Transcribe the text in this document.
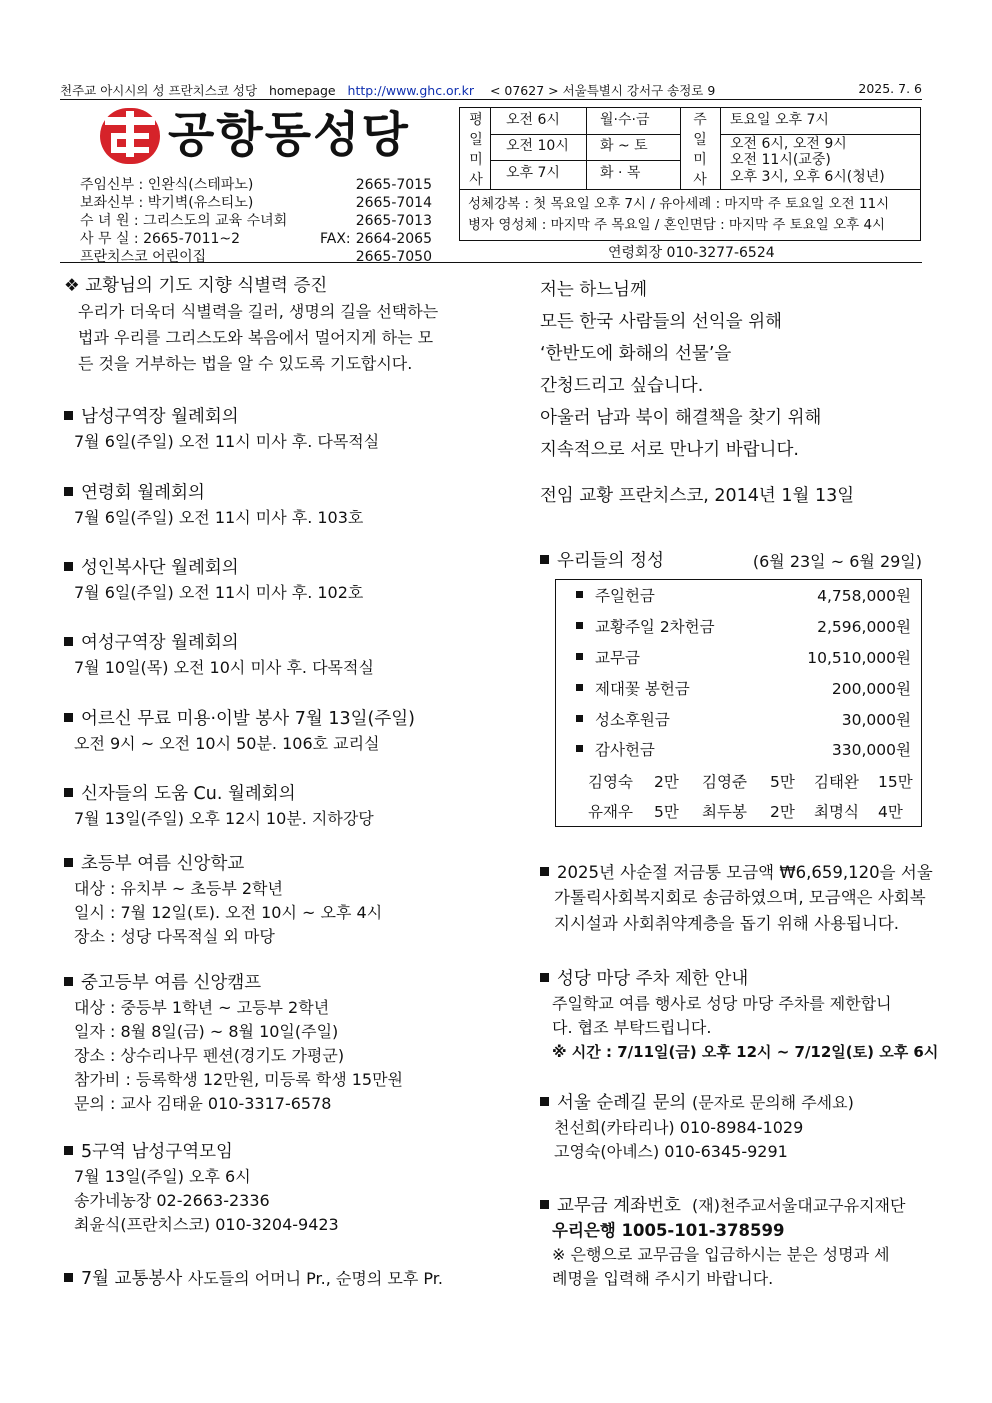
천주교 아시시의 성 프란치스코 성당 homepage http://www.ghc.or.kr < 07627 > 서울특별시 강서구 송정로 9	2025. 7. 6
공항동성당
주임신부 : 인완식(스테파노)	2665-7015
보좌신부 : 박기벽(유스티노)	2665-7014
수 녀 원 : 그리스도의 교육 수녀회	2665-7013
사 무 실 : 2665-7011~2	FAX: 2664-2065
프란치스코 어린이집	2665-7050
평
일
미
사
오전 6시	월·수·금
오전 10시 화 ~ 토
오후 7시	화 · 목
주
일
미
사
토요일 오후 7시
오전 6시, 오전 9시
오전 11시(교중)
오후 3시, 오후 6시(청년)
성체강복 : 첫 목요일 오후 7시 / 유아세례 : 마지막 주 토요일 오전 11시
병자 영성체 : 마지막 주 목요일 / 혼인면담 : 마지막 주 토요일 오후 4시
연령회장 010-3277-6524
❖ 교황님의 기도 지향 식별력 증진
우리가 더욱더 식별력을 길러, 생명의 길을 선택하는
법과 우리를 그리스도와 복음에서 멀어지게 하는 모
든 것을 거부하는 법을 알 수 있도록 기도합시다.
남성구역장 월례회의
7월 6일(주일) 오전 11시 미사 후. 다목적실
연령회 월례회의
7월 6일(주일) 오전 11시 미사 후. 103호
성인복사단 월례회의
7월 6일(주일) 오전 11시 미사 후. 102호
여성구역장 월례회의
7월 10일(목) 오전 10시 미사 후. 다목적실
어르신 무료 미용·이발 봉사 7월 13일(주일)
오전 9시 ~ 오전 10시 50분. 106호 교리실
신자들의 도움 Cu. 월례회의
7월 13일(주일) 오후 12시 10분. 지하강당
초등부 여름 신앙학교
대상 : 유치부 ~ 초등부 2학년
일시 : 7월 12일(토). 오전 10시 ~ 오후 4시
장소 : 성당 다목적실 외 마당
중고등부 여름 신앙캠프
대상 : 중등부 1학년 ~ 고등부 2학년
일자 : 8월 8일(금) ~ 8월 10일(주일)
장소 : 상수리나무 펜션(경기도 가평군)
참가비 : 등록학생 12만원, 미등록 학생 15만원
문의 : 교사 김태윤 010-3317-6578
5구역 남성구역모임
7월 13일(주일) 오후 6시
송가네농장 02-2663-2336
최윤식(프란치스코) 010-3204-9423
7월 교통봉사 사도들의 어머니 Pr., 순명의 모후 Pr.
저는 하느님께
모든 한국 사람들의 선익을 위해
‘한반도에 화해의 선물’을
간청드리고 싶습니다.
아울러 남과 북이 해결책을 찾기 위해
지속적으로 서로 만나기 바랍니다.
전임 교황 프란치스코, 2014년 1월 13일
우리들의 정성	(6월 23일 ~ 6월 29일)
주일헌금	4,758,000원
교황주일 2차헌금	2,596,000원
교무금	10,510,000원
제대꽃 봉헌금	200,000원
성소후원금	30,000원
감사헌금	330,000원
김영숙 2만 김영준 5만 김태완 15만
유재우 5만 최두봉 2만 최명식 4만
2025년 사순절 저금통 모금액 ₩6,659,120을 서울
가톨릭사회복지회로 송금하였으며, 모금액은 사회복
지시설과 사회취약계층을 돕기 위해 사용됩니다.
성당 마당 주차 제한 안내
주일학교 여름 행사로 성당 마당 주차를 제한합니
다. 협조 부탁드립니다.
※ 시간 : 7/11일(금) 오후 12시 ~ 7/12일(토) 오후 6시
서울 순례길 문의 (문자로 문의해 주세요)
천선희(카타리나) 010-8984-1029
고영숙(아녜스) 010-6345-9291
교무금 계좌번호 (재)천주교서울대교구유지재단
우리은행 1005-101-378599
※ 은행으로 교무금을 입금하시는 분은 성명과 세
례명을 입력해 주시기 바랍니다.
